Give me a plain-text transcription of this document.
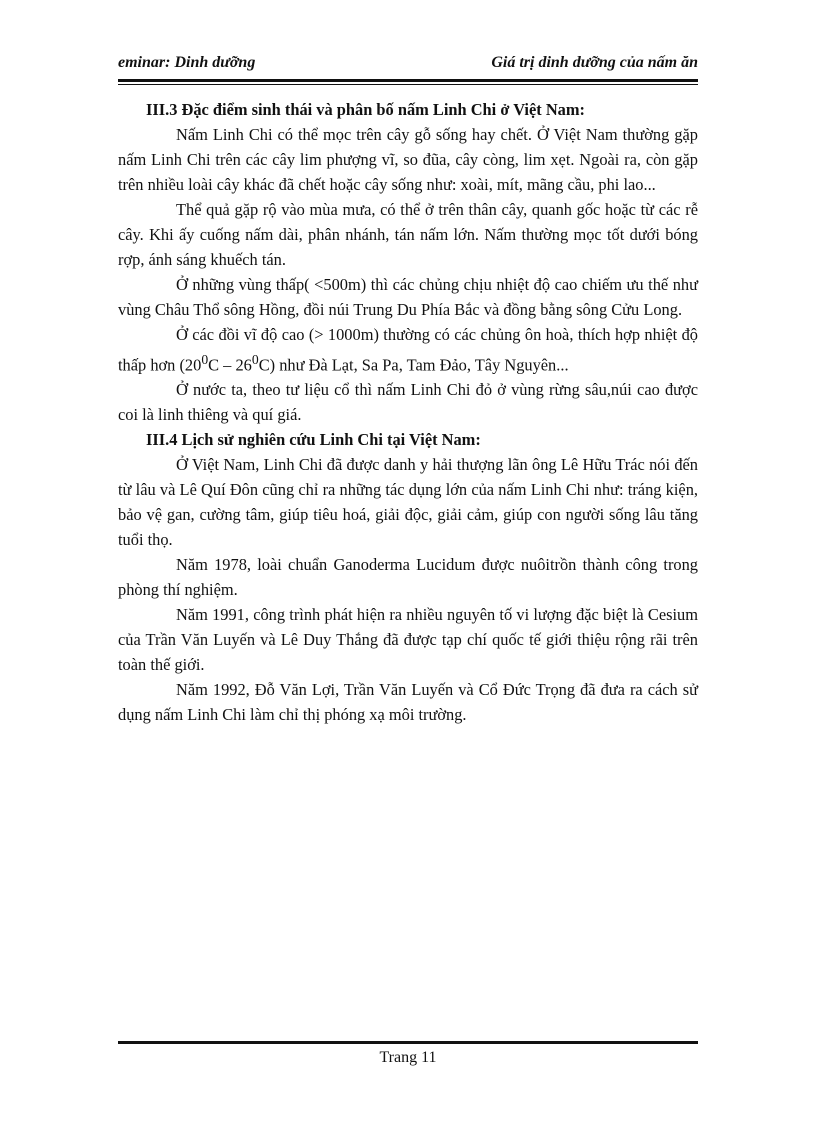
eminar: Dinh dưỡng	Giá trị dinh dưỡng của nấm ăn

III.3 Đặc điểm sinh thái và phân bố nấm Linh Chi ở Việt Nam:

Nấm Linh Chi có thể mọc trên cây gỗ sống hay chết. Ở Việt Nam thường gặp nấm Linh Chi trên các cây lim phượng vĩ, so đũa, cây còng, lim xẹt. Ngoài ra, còn gặp trên nhiều loài cây khác đã chết hoặc cây sống như: xoài, mít, mãng cầu, phi lao...

Thể quả gặp rộ vào mùa mưa, có thể ở trên thân cây, quanh gốc hoặc từ các rễ cây. Khi ấy cuống nấm dài, phân nhánh, tán nấm lớn. Nấm thường mọc tốt dưới bóng rợp, ánh sáng khuếch tán.

Ở những vùng thấp( <500m) thì các chủng chịu nhiệt độ cao chiếm ưu thế như vùng Châu Thổ sông Hồng, đồi núi Trung Du Phía Bắc và đồng bằng sông Cửu Long.

Ở các đồi vĩ độ cao (> 1000m) thường có các chủng ôn hoà, thích hợp nhiệt độ thấp hơn $(20^0C - 26^0C)$ như Đà Lạt, Sa Pa, Tam Đảo, Tây Nguyên...

Ở nước ta, theo tư liệu cổ thì nấm Linh Chi đỏ ở vùng rừng sâu,núi cao được coi là linh thiêng và quí giá.

III.4 Lịch sử nghiên cứu Linh Chi tại Việt Nam:

Ở Việt Nam, Linh Chi đã được danh y hải thượng lãn ông Lê Hữu Trác nói đến từ lâu và Lê Quí Đôn cũng chỉ ra những tác dụng lớn của nấm Linh Chi như: tráng kiện, bảo vệ gan, cường tâm, giúp tiêu hoá, giải độc, giải cảm, giúp con người sống lâu tăng tuổi thọ.

Năm 1978, loài chuẩn Ganoderma Lucidum được nuôitrồn thành công trong phòng thí nghiệm.

Năm 1991, công trình phát hiện ra nhiều nguyên tố vi lượng đặc biệt là Cesium của Trần Văn Luyến và Lê Duy Thắng đã được tạp chí quốc tế giới thiệu rộng rãi trên toàn thế giới.

Năm 1992, Đỗ Văn Lợi, Trần Văn Luyến và Cổ Đức Trọng đã đưa ra cách sử dụng nấm Linh Chi làm chỉ thị phóng xạ môi trường.

Trang 11
